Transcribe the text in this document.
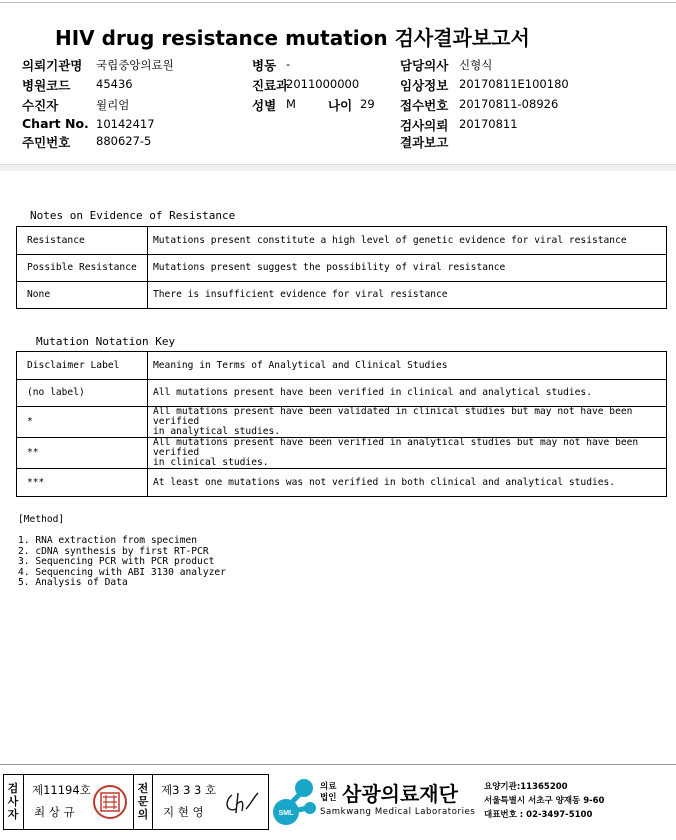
HIV drug resistance mutation 검사결과보고서
의뢰기관명 국립중앙의료원
병원코드 45436
수진자	윌리엄
Chart No. 10142417
주민번호 880627-5
병동 -
진료과
2011000000
성별 M	나이 29
담당의사 신형식
임상정보 20170811E100180
접수번호 20170811-08926
검사의뢰 20170811
결과보고
Notes on Evidence of Resistance
Resistance	Mutations present constitute a high level of genetic evidence for viral resistance
Possible Resistance	Mutations present suggest the possibility of viral resistance
None	There is insufficient evidence for viral resistance
Mutation Notation Key
Disclaimer Label	Meaning in Terms of Analytical and Clinical Studies
(no label)	All mutations present have been verified in clinical and analytical studies.

*	All mutations present have been validated in clinical studies but may not have been verified
in analytical studies.

**	All mutations present have been verified in analytical studies but may not have been verified
in clinical studies.

***	At least one mutations was not verified in both clinical and analytical studies.
[Method]
1. RNA extraction from specimen
2. cDNA synthesis by first RT-PCR
3. Sequencing PCR with PCR product
4. Sequencing with ABI 3130 analyzer
5. Analysis of Data
검
사
자
전
문
의
제11194호
최 상 규
제3 3 3 호
지 현 영	SML
의료
법인 삼광의료재단
Samkwang Medical Laboratories
요양기관:11365200
서울특별시 서초구 양재동 9-60
대표번호 : 02-3497-5100
